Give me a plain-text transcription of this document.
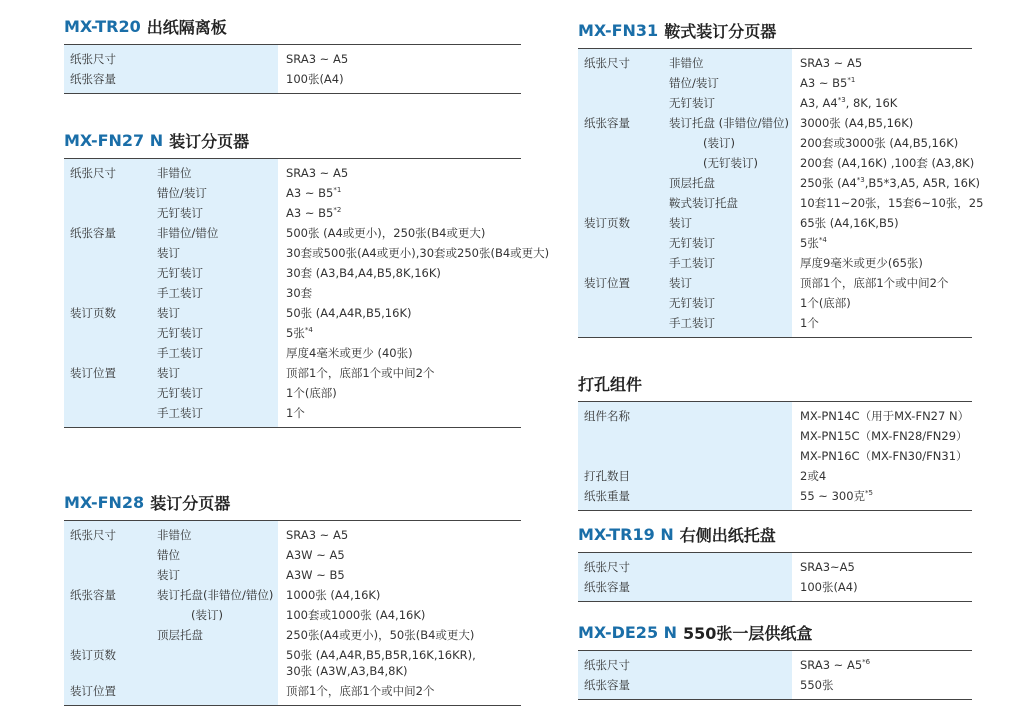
MX-TR20 出纸隔离板
纸张尺寸	SRA3 ~ A5
纸张容量	100张(A4)
MX-FN27 N 装订分页器
纸张尺寸	非错位	SRA3 ~ A5
	错位/装订	A3 ~ B5$^{*1}$
	无钉装订	A3 ~ B5$^{*2}$
纸张容量	非错位/错位	500张 (A4或更小)，250张(B4或更大)
	装订	30套或500张(A4或更小),30套或250张(B4或更大)
	无钉装订	30套 (A3,B4,A4,B5,8K,16K)
	手工装订	30套
装订页数	装订	50张 (A4,A4R,B5,16K)
	无钉装订	5张$^{*4}$
	手工装订	厚度4毫米或更少 (40张)
装订位置	装订	顶部1个，底部1个或中间2个
	无钉装订	1个(底部)
	手工装订	1个
MX-FN28 装订分页器
纸张尺寸	非错位	SRA3 ~ A5
	错位	A3W ~ A5
	装订	A3W ~ B5
纸张容量	装订托盘(非错位/错位)	1000张 (A4,16K)
	(装订)	100套或1000张 (A4,16K)
	顶层托盘	250张(A4或更小)，50张(B4或更大)
装订页数		50张 (A4,A4R,B5,B5R,16K,16KR),
30张 (A3W,A3,B4,8K)
装订位置		顶部1个，底部1个或中间2个
MX-FN31 鞍式装订分页器
纸张尺寸	非错位	SRA3 ~ A5
	错位/装订	A3 ~ B5$^{*1}$
	无钉装订	A3, A4$^{*3}$, 8K, 16K
纸张容量	装订托盘 (非错位/错位)	3000张 (A4,B5,16K)
	(装订)	200套或3000张 (A4,B5,16K)
	(无钉装订)	200套 (A4,16K) ,100套 (A3,8K)
	顶层托盘	250张 (A4$^{*3}$,B5*3,A5, A5R, 16K)
	鞍式装订托盘	10套11~20张，15套6~10张，25
装订页数	装订	65张 (A4,16K,B5)
	无钉装订	5张$^{*4}$
	手工装订	厚度9毫米或更少(65张)
装订位置	装订	顶部1个，底部1个或中间2个
	无钉装订	1个(底部)
	手工装订	1个
打孔组件
组件名称	MX-PN14C（用于MX-FN27 N）
	MX-PN15C（MX-FN28/FN29）
	MX-PN16C（MX-FN30/FN31）
打孔数目	2或4
纸张重量	55 ~ 300克$^{*5}$
MX-TR19 N 右侧出纸托盘
纸张尺寸	SRA3~A5
纸张容量	100张(A4)
MX-DE25 N 550张一层供纸盒
纸张尺寸	SRA3 ~ A5$^{*6}$
纸张容量	550张
